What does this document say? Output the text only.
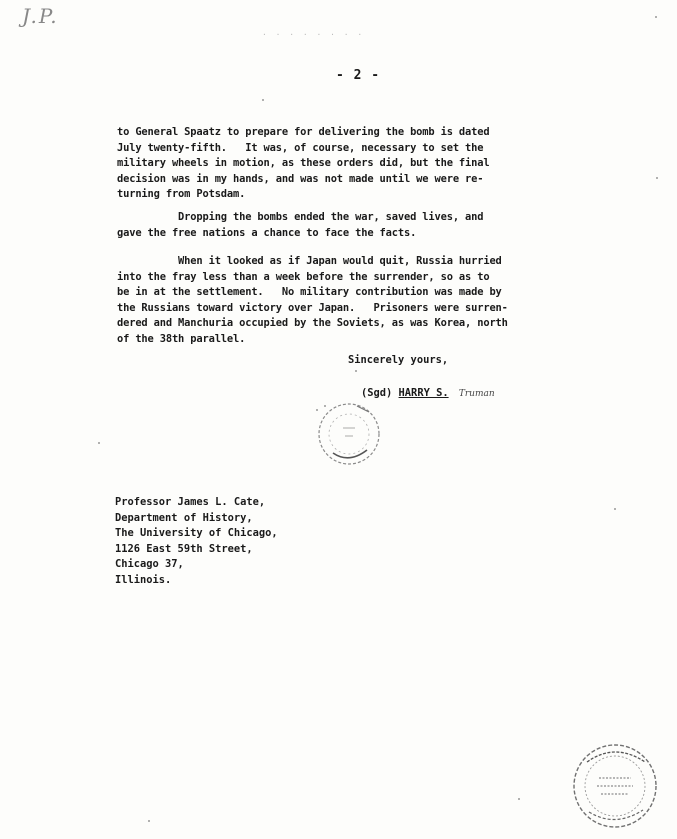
J.P.
· · · · · · · ·
- 2 -
to General Spaatz to prepare for delivering the bomb is dated
July twenty-fifth.   It was, of course, necessary to set the
military wheels in motion, as these orders did, but the final
decision was in my hands, and was not made until we were re-
turning from Potsdam.
Dropping the bombs ended the war, saved lives, and
gave the free nations a chance to face the facts.
When it looked as if Japan would quit, Russia hurried
into the fray less than a week before the surrender, so as to
be in at the settlement.   No military contribution was made by
the Russians toward victory over Japan.   Prisoners were surren-
dered and Manchuria occupied by the Soviets, as was Korea, north
of the 38th parallel.
Sincerely yours,
(Sgd) HARRY S. Truman
Professor James L. Cate,
Department of History,
The University of Chicago,
1126 East 59th Street,
Chicago 37,
Illinois.
